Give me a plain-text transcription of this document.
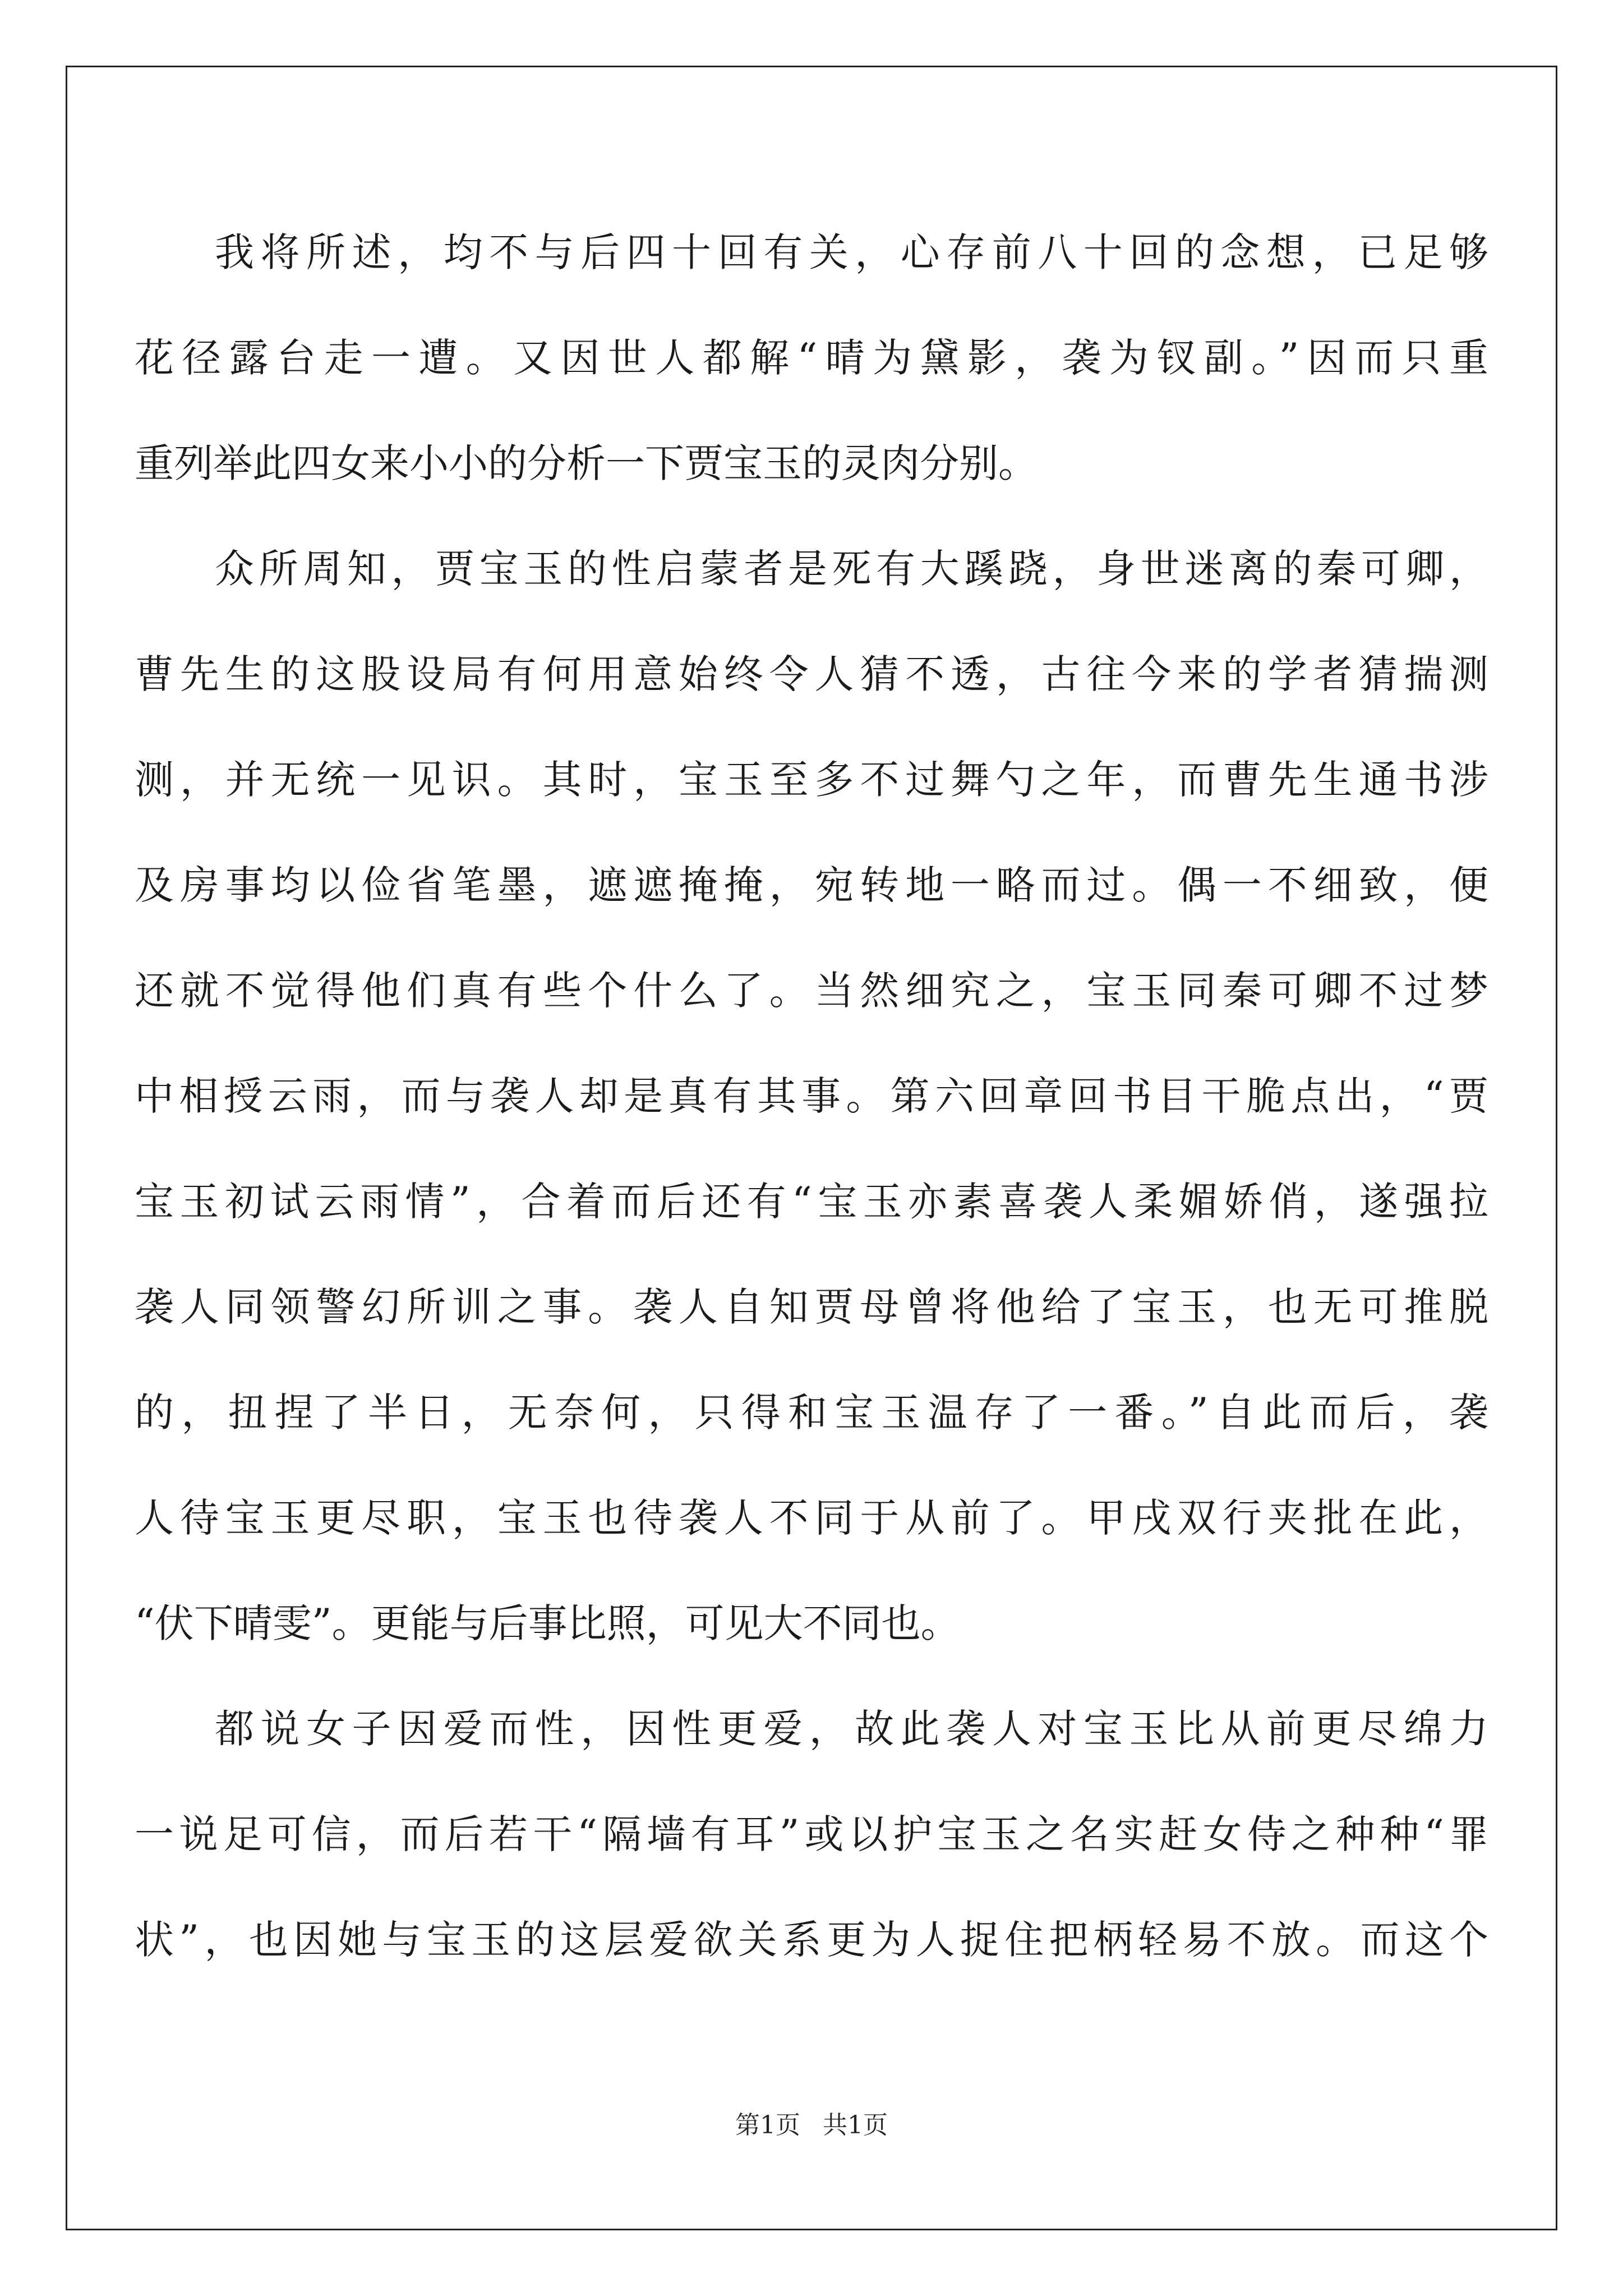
我将所述，均不与后四十回有关，心存前八十回的念想，已足够
花径露台走一遭。又因世人都解“晴为黛影，袭为钗副。”因而只重
重列举此四女来小小的分析一下贾宝玉的灵肉分别。
众所周知，贾宝玉的性启蒙者是死有大蹊跷，身世迷离的秦可卿，
曹先生的这股设局有何用意始终令人猜不透，古往今来的学者猜揣测
测，并无统一见识。其时，宝玉至多不过舞勺之年，而曹先生通书涉
及房事均以俭省笔墨，遮遮掩掩，宛转地一略而过。偶一不细致，便
还就不觉得他们真有些个什么了。当然细究之，宝玉同秦可卿不过梦
中相授云雨，而与袭人却是真有其事。第六回章回书目干脆点出，“贾
宝玉初试云雨情”，合着而后还有“宝玉亦素喜袭人柔媚娇俏，遂强拉
袭人同领警幻所训之事。袭人自知贾母曾将他给了宝玉，也无可推脱
的，扭捏了半日，无奈何，只得和宝玉温存了一番。”自此而后，袭
人待宝玉更尽职，宝玉也待袭人不同于从前了。甲戌双行夹批在此，
“伏下晴雯”。更能与后事比照，可见大不同也。
都说女子因爱而性，因性更爱，故此袭人对宝玉比从前更尽绵力
一说足可信，而后若干“隔墙有耳”或以护宝玉之名实赶女侍之种种“罪
状”，也因她与宝玉的这层爱欲关系更为人捉住把柄轻易不放。而这个
第1页 共1页
